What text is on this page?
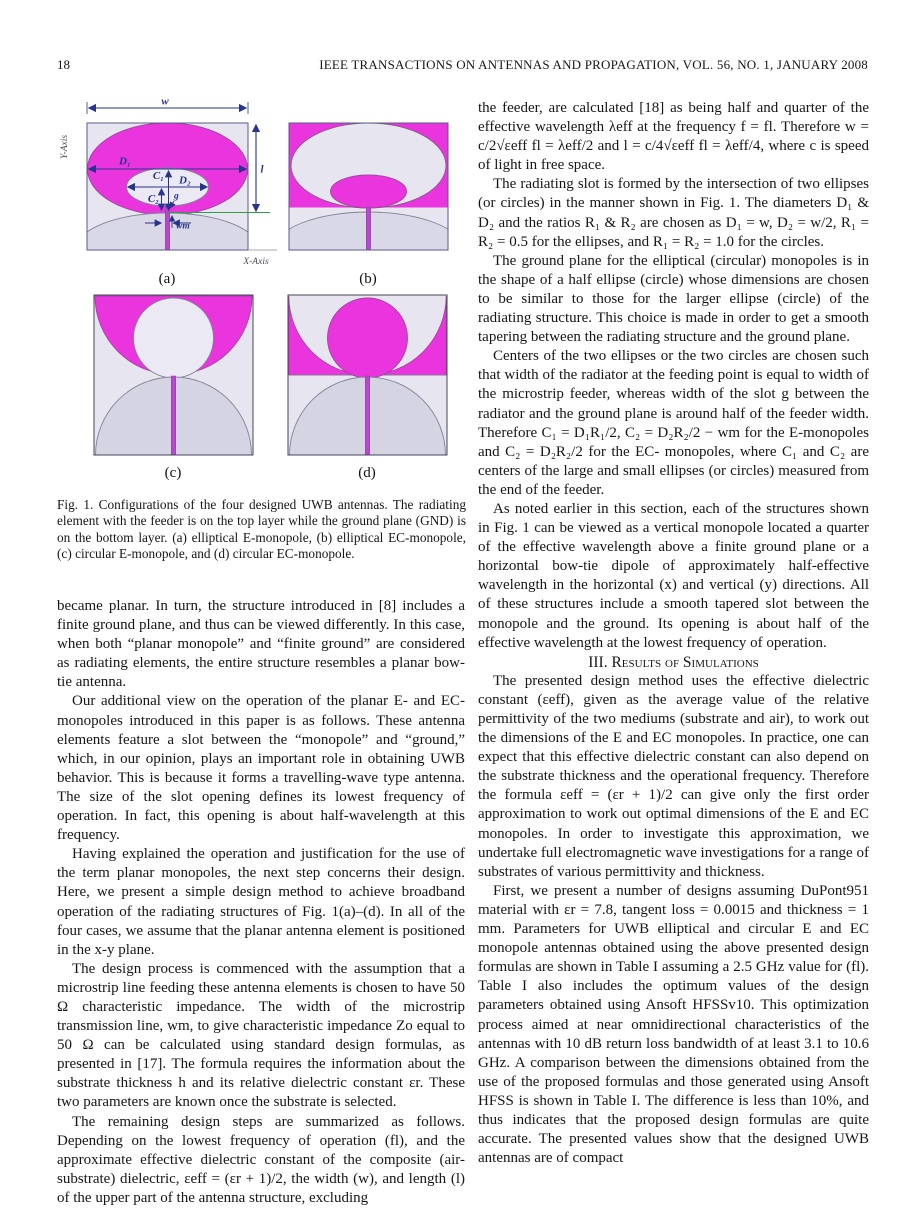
18	IEEE TRANSACTIONS ON ANTENNAS AND PROPAGATION, VOL. 56, NO. 1, JANUARY 2008
w
l
D₁
D₂
C₁
C₂ g
wm
Y-Axis
X-Axis
(a)	(b)
(c)	(d)
Fig. 1. Configurations of the four designed UWB antennas. The radiating element with the feeder is on the top layer while the ground plane (GND) is on the bottom layer. (a) elliptical E-monopole, (b) elliptical EC-monopole, (c) circular E-monopole, and (d) circular EC-monopole.

became planar. In turn, the structure introduced in [8] includes a finite ground plane, and thus can be viewed differently. In this case, when both “planar monopole” and “finite ground” are considered as radiating elements, the entire structure resembles a planar bow-tie antenna.

Our additional view on the operation of the planar E- and EC-monopoles introduced in this paper is as follows. These antenna elements feature a slot between the “monopole” and “ground,” which, in our opinion, plays an important role in obtaining UWB behavior. This is because it forms a travelling-wave type antenna. The size of the slot opening defines its lowest frequency of operation. In fact, this opening is about half-wavelength at this frequency.

Having explained the operation and justification for the use of the term planar monopoles, the next step concerns their design. Here, we present a simple design method to achieve broadband operation of the radiating structures of Fig. 1(a)–(d). In all of the four cases, we assume that the planar antenna element is positioned in the x-y plane.

The design process is commenced with the assumption that a microstrip line feeding these antenna elements is chosen to have 50 Ω characteristic impedance. The width of the microstrip transmission line, wm, to give characteristic impedance Zo equal to 50 Ω can be calculated using standard design formulas, as presented in [17]. The formula requires the information about the substrate thickness h and its relative dielectric constant εr. These two parameters are known once the substrate is selected.

The remaining design steps are summarized as follows. Depending on the lowest frequency of operation (fl), and the approximate effective dielectric constant of the composite (air-substrate) dielectric, εeff = (εr + 1)/2, the width (w), and length (l) of the upper part of the antenna structure, excluding

the feeder, are calculated [18] as being half and quarter of the effective wavelength λeff at the frequency f = fl. Therefore w = c/2√εeff fl = λeff/2 and l = c/4√εeff fl = λeff/4, where c is speed of light in free space.

The radiating slot is formed by the intersection of two ellipses (or circles) in the manner shown in Fig. 1. The diameters D₁ & D₂ and the ratios R₁ & R₂ are chosen as D₁ = w, D₂ = w/2, R₁ = R₂ = 0.5 for the ellipses, and R₁ = R₂ = 1.0 for the circles.

The ground plane for the elliptical (circular) monopoles is in the shape of a half ellipse (circle) whose dimensions are chosen to be similar to those for the larger ellipse (circle) of the radiating structure. This choice is made in order to get a smooth tapering between the radiating structure and the ground plane.

Centers of the two ellipses or the two circles are chosen such that width of the radiator at the feeding point is equal to width of the microstrip feeder, whereas width of the slot g between the radiator and the ground plane is around half of the feeder width. Therefore C₁ = D₁R₁/2, C₂ = D₂R₂/2 − wm for the E-monopoles and C₂ = D₂R₂/2 for the EC- monopoles, where C₁ and C₂ are centers of the large and small ellipses (or circles) measured from the end of the feeder.

As noted earlier in this section, each of the structures shown in Fig. 1 can be viewed as a vertical monopole located a quarter of the effective wavelength above a finite ground plane or a horizontal bow-tie dipole of approximately half-effective wavelength in the horizontal (x) and vertical (y) directions. All of these structures include a smooth tapered slot between the monopole and the ground. Its opening is about half of the effective wavelength at the lowest frequency of operation.

III. Results of Simulations

The presented design method uses the effective dielectric constant (εeff), given as the average value of the relative permittivity of the two mediums (substrate and air), to work out the dimensions of the E and EC monopoles. In practice, one can expect that this effective dielectric constant can also depend on the substrate thickness and the operational frequency. Therefore the formula εeff = (εr + 1)/2 can give only the first order approximation to work out optimal dimensions of the E and EC monopoles. In order to investigate this approximation, we undertake full electromagnetic wave investigations for a range of substrates of various permittivity and thickness.

First, we present a number of designs assuming DuPont951 material with εr = 7.8, tangent loss = 0.0015 and thickness = 1 mm. Parameters for UWB elliptical and circular E and EC monopole antennas obtained using the above presented design formulas are shown in Table I assuming a 2.5 GHz value for (fl). Table I also includes the optimum values of the design parameters obtained using Ansoft HFSSv10. This optimization process aimed at near omnidirectional characteristics of the antennas with 10 dB return loss bandwidth of at least 3.1 to 10.6 GHz. A comparison between the dimensions obtained from the use of the proposed formulas and those generated using Ansoft HFSS is shown in Table I. The difference is less than 10%, and thus indicates that the proposed design formulas are quite accurate. The presented values show that the designed UWB antennas are of compact
